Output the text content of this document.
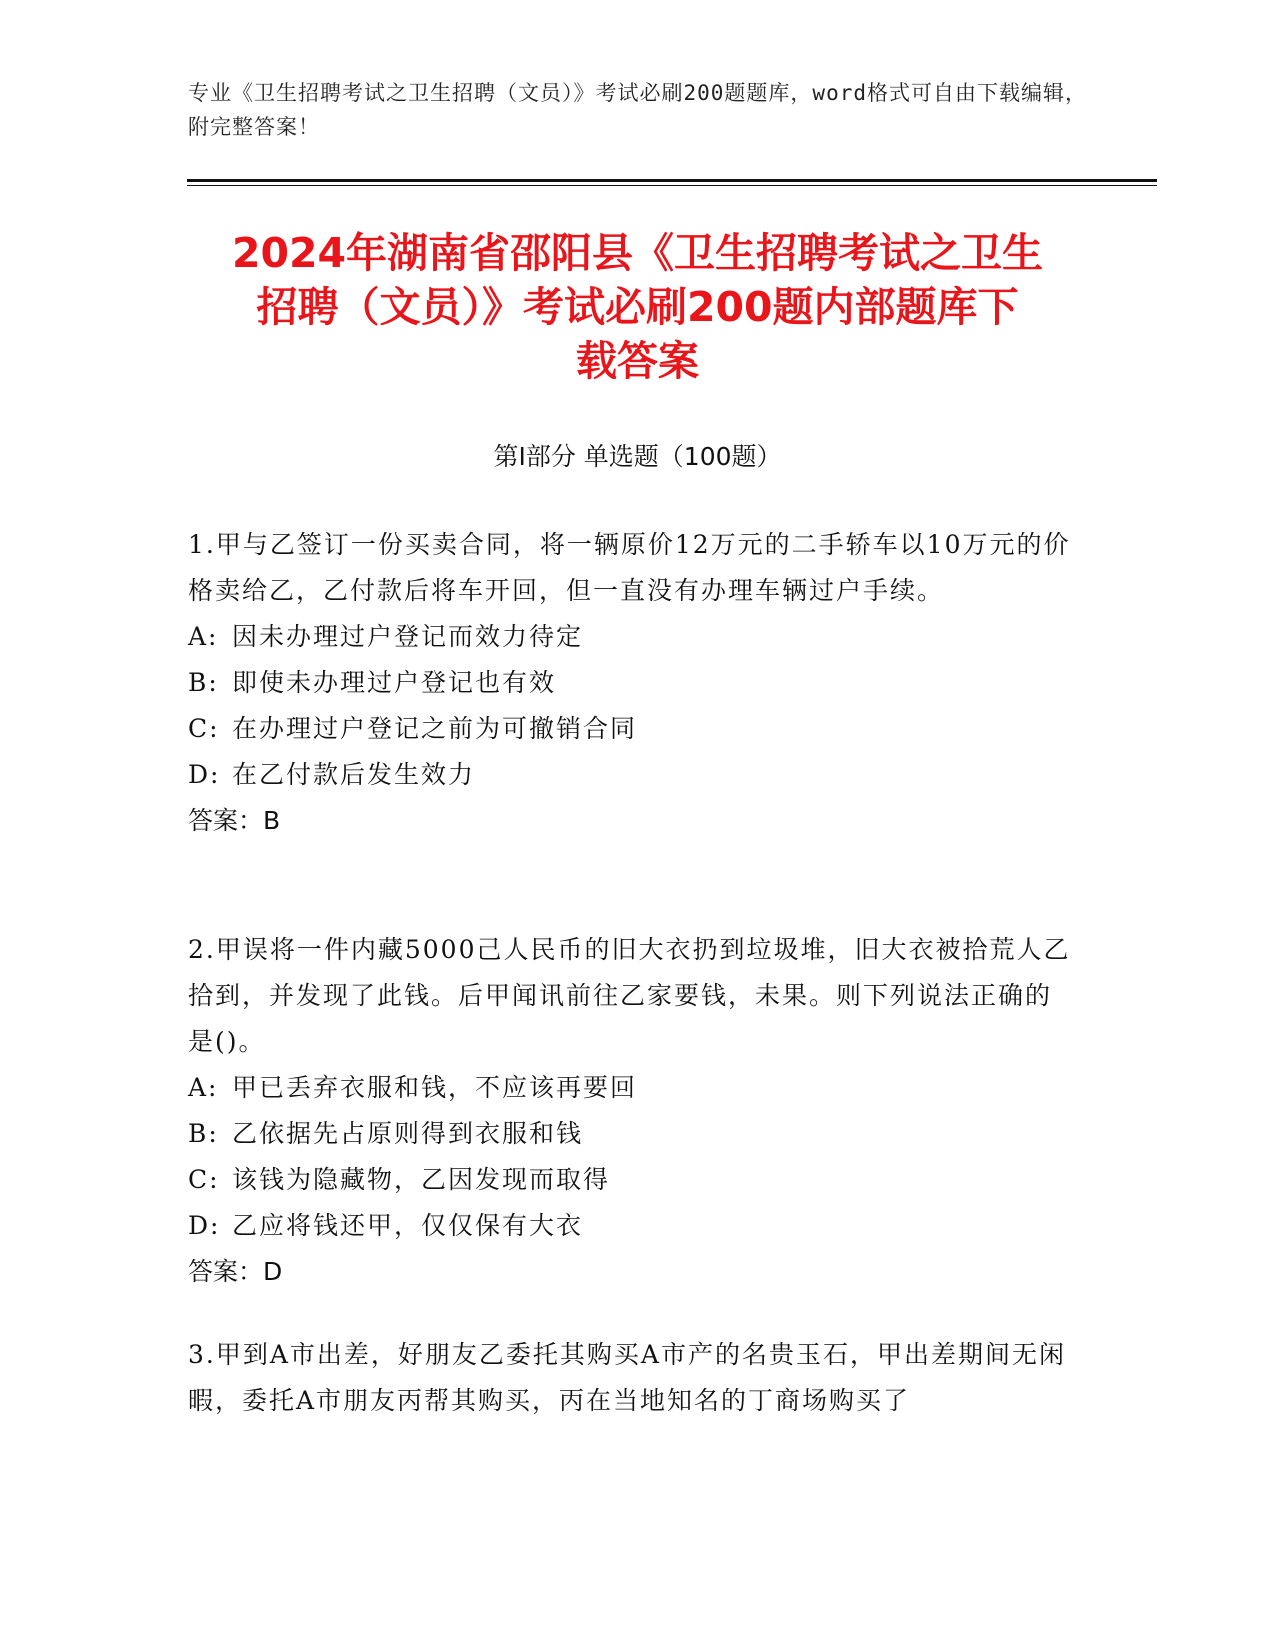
专业《卫生招聘考试之卫生招聘（文员）》考试必刷200题题库，word格式可自由下载编辑，附完整答案！
2024年湖南省邵阳县《卫生招聘考试之卫生
招聘（文员）》考试必刷200题内部题库下
载答案
第I部分 单选题（100题）
1.甲与乙签订一份买卖合同，将一辆原价12万元的二手轿车以10万元的价格卖给乙，乙付款后将车开回，但一直没有办理车辆过户手续。
A: 因未办理过户登记而效力待定
B: 即使未办理过户登记也有效
C: 在办理过户登记之前为可撤销合同
D: 在乙付款后发生效力
答案：B
2.甲误将一件内藏5000己人民币的旧大衣扔到垃圾堆，旧大衣被拾荒人乙拾到，并发现了此钱。后甲闻讯前往乙家要钱，未果。则下列说法正确的是()。
A: 甲已丢弃衣服和钱，不应该再要回
B: 乙依据先占原则得到衣服和钱
C: 该钱为隐藏物，乙因发现而取得
D: 乙应将钱还甲，仅仅保有大衣
答案：D
3.甲到A市出差，好朋友乙委托其购买A市产的名贵玉石，甲出差期间无闲暇，委托A市朋友丙帮其购买，丙在当地知名的丁商场购买了
